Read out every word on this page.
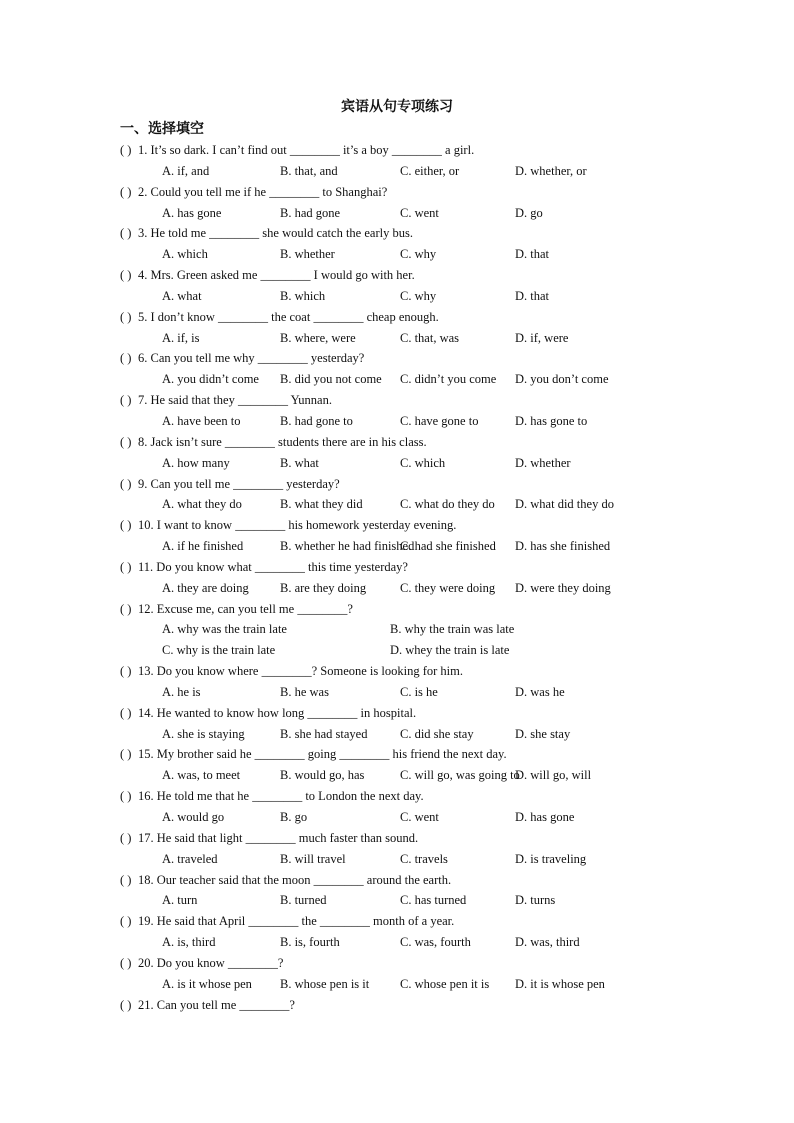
宾语从句专项练习
一、选择填空
( ) 1. It’s so dark. I can’t find out ________ it’s a boy ________ a girl.
A. if, and	B. that, and	C. either, or	D. whether, or
( ) 2. Could you tell me if he ________ to Shanghai?
A. has gone	B. had gone	C. went	D. go
( ) 3. He told me ________ she would catch the early bus.
A. which	B. whether	C. why	D. that
( ) 4. Mrs. Green asked me ________ I would go with her.
A. what	B. which	C. why	D. that
( ) 5. I don’t know ________ the coat ________ cheap enough.
A. if, is	B. where, were	C. that, was	D. if, were
( ) 6. Can you tell me why ________ yesterday?
A. you didn’t come B. did you not come C. didn’t you come D. you don’t come
( ) 7. He said that they ________ Yunnan.
A. have been to	B. had gone to	C. have gone to	D. has gone to
( ) 8. Jack isn’t sure ________ students there are in his class.
A. how many	B. what	C. which	D. whether
( ) 9. Can you tell me ________ yesterday?
A. what they do	B. what they did	C. what do they do D. what did they do
( ) 10. I want to know ________ his homework yesterday evening.
A. if he finished	B. whether he had finished
C. had she finished D. has she finished
( ) 11. Do you know what ________ this time yesterday?
A. they are doing B. are they doing	C. they were doing D. were they doing
( ) 12. Excuse me, can you tell me ________?
A. why was the train late	B. why the train was late
C. why is the train late	D. whey the train is late
( ) 13. Do you know where ________? Someone is looking for him.
A. he is	B. he was	C. is he	D. was he
( ) 14. He wanted to know how long ________ in hospital.
A. she is staying	B. she had stayed	C. did she stay	D. she stay
( ) 15. My brother said he ________ going ________ his friend the next day.
A. was, to meet	B. would go, has	C. will go, was going to
D. will go, will
( ) 16. He told me that he ________ to London the next day.
A. would go	B. go	C. went	D. has gone
( ) 17. He said that light ________ much faster than sound.
A. traveled	B. will travel	C. travels	D. is traveling
( ) 18. Our teacher said that the moon ________ around the earth.
A. turn	B. turned	C. has turned	D. turns
( ) 19. He said that April ________ the ________ month of a year.
A. is, third	B. is, fourth	C. was, fourth	D. was, third
( ) 20. Do you know ________?
A. is it whose pen B. whose pen is it C. whose pen it is D. it is whose pen
( ) 21. Can you tell me ________?
